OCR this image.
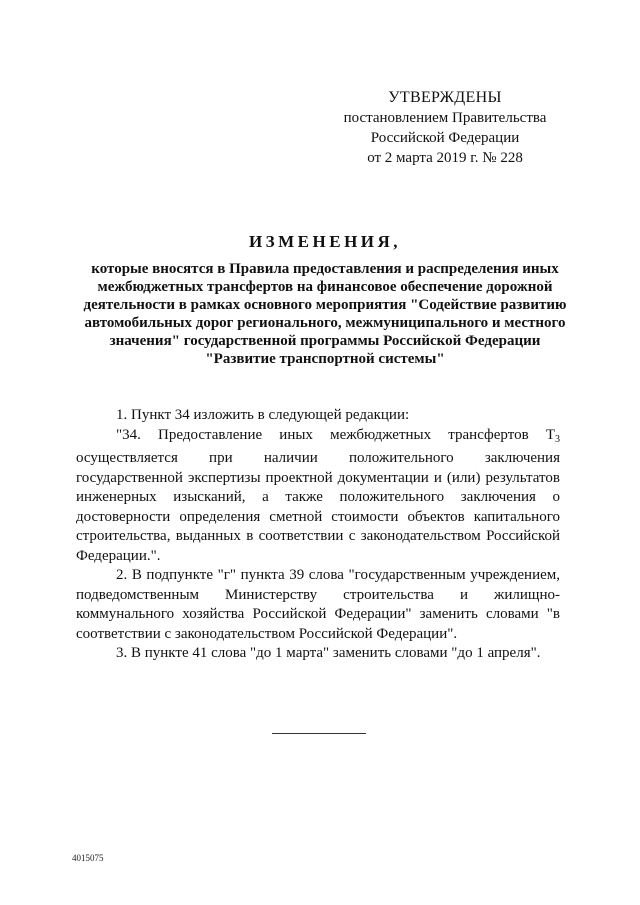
УТВЕРЖДЕНЫ
постановлением Правительства
Российской Федерации
от 2 марта 2019 г. № 228
ИЗМЕНЕНИЯ,
которые вносятся в Правила предоставления и распределения иных
межбюджетных трансфертов на финансовое обеспечение дорожной
деятельности в рамках основного мероприятия "Содействие развитию
автомобильных дорог регионального, межмуниципального и местного
значения" государственной программы Российской Федерации
"Развитие транспортной системы"

1. Пункт 34 изложить в следующей редакции:

"34. Предоставление иных межбюджетных трансфертов $T_3$ осуществляется при наличии положительного заключения государственной экспертизы проектной документации и (или) результатов инженерных изысканий, а также положительного заключения о достоверности определения сметной стоимости объектов капитального строительства, выданных в соответствии с законодательством Российской Федерации.".

2. В подпункте "г" пункта 39 слова "государственным учреждением, подведомственным Министерству строительства и жилищно-коммунального хозяйства Российской Федерации" заменить словами "в соответствии с законодательством Российской Федерации".

3. В пункте 41 слова "до 1 марта" заменить словами "до 1 апреля".

4015075
